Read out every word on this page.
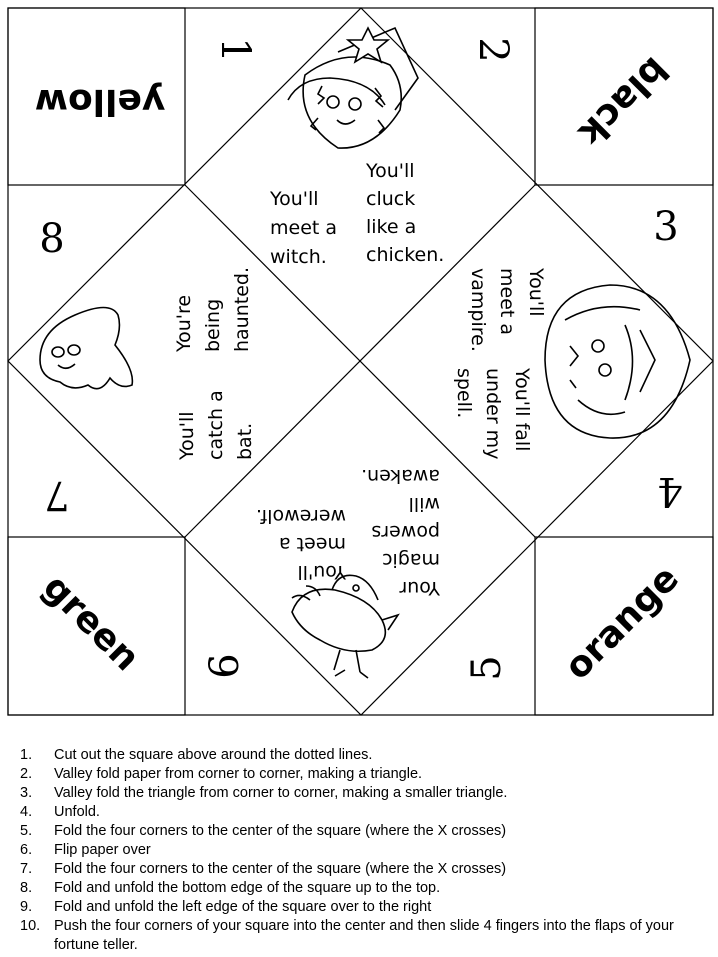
yellow	black
green	orange
1	2
3
4
5
6
7
8
You'll meet a witch.
You'll cluck like a chicken.
You'll meet a vampire.
You'll fall under my spell.
Your magic powers will awaken.
You'll meet a werewolf.
You'll catch a bat.
You're being haunted.
1.	Cut out the square above around the dotted lines.
2.	Valley fold paper from corner to corner, making a triangle.
3.	Valley fold the triangle from corner to corner, making a smaller triangle.
4.	Unfold.
5.	Fold the four corners to the center of the square (where the X crosses)
6.	Flip paper over
7.	Fold the four corners to the center of the square (where the X crosses)
8.	Fold and unfold the bottom edge of the square up to the top.
9.	Fold and unfold the left edge of the square over to the right
10. Push the four corners of your square into the center and then slide 4 fingers into the flaps of your fortune teller.
